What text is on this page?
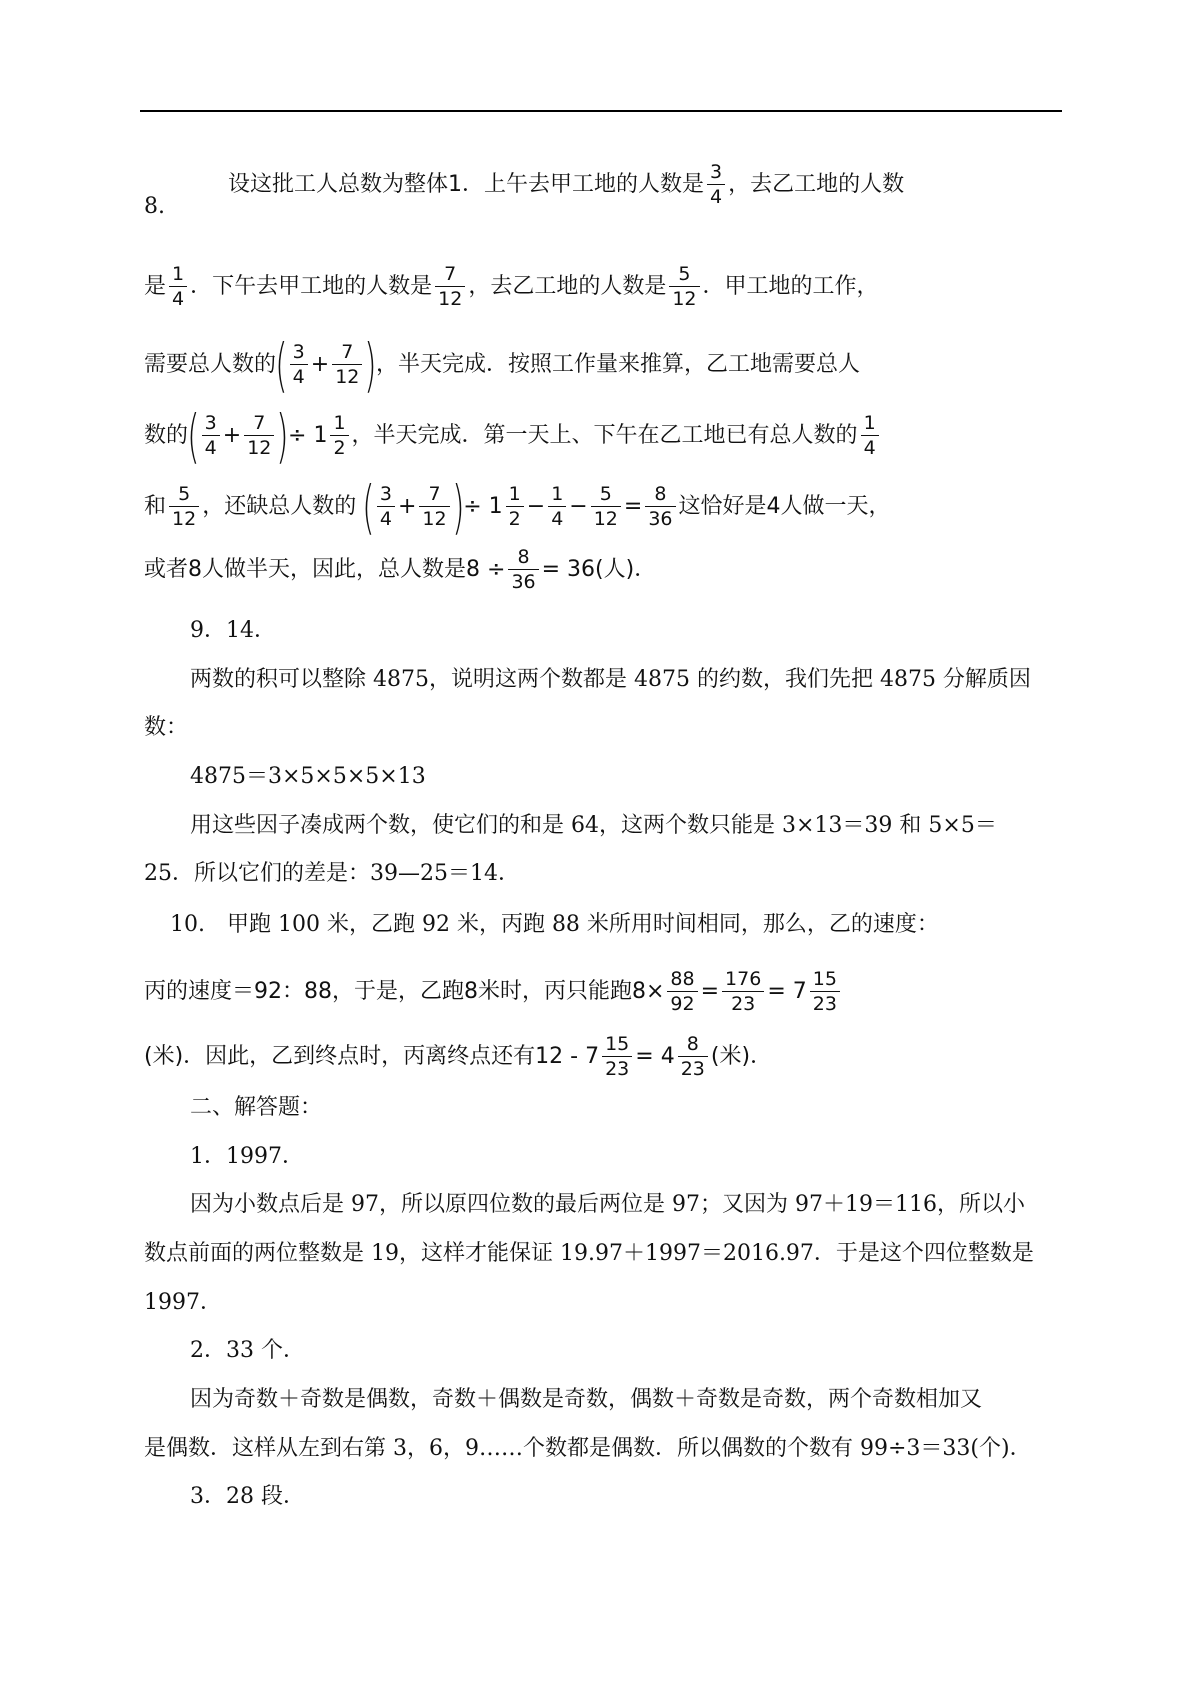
8.
设这批工人总数为整体1．上午去甲工地的人数是 $\frac{3}{4}$ ，去乙工地的人数
是 $\frac{1}{4}$ ．下午去甲工地的人数是 $\frac{7}{12}$ ，去乙工地的人数是 $\frac{5}{12}$ ．甲工地的工作，
需要总人数的( $\frac{3}{4} + \frac{7}{12}$ )，半天完成．按照工作量来推算，乙工地需要总人
数的( $\frac{3}{4} + \frac{7}{12}$ )÷ $1 \frac{1}{2}$ ，半天完成．第一天上、下午在乙工地已有总人数的 $\frac{1}{4}$
和 $\frac{5}{12}$ ，还缺总人数的 ( $\frac{3}{4} + \frac{7}{12}$ )÷ $1 \frac{1}{2} - \frac{1}{4} - \frac{5}{12} = \frac{8}{36}$ 这恰好是4人做一天，
或者8人做半天，因此，总人数是$8 \div \frac{8}{36} = 36$(人)．
9．14．
两数的积可以整除 4875，说明这两个数都是 4875 的约数，我们先把 4875 分解质因
数：
4875＝3×5×5×5×13
用这些因子凑成两个数，使它们的和是 64，这两个数只能是 3×13＝39 和 5×5＝
25．所以它们的差是：39—25＝14．
10.　甲跑 100 米，乙跑 92 米，丙跑 88 米所用时间相同，那么，乙的速度：
丙的速度＝92：88，于是，乙跑8米时，丙只能跑$8\times \frac{88}{92} = \frac{176}{23} = 7 \frac{15}{23}$
(米)．因此，乙到终点时，丙离终点还有$12 - 7 \frac{15}{23} = 4 \frac{8}{23}$ (米)．
二、解答题：
1．1997．
因为小数点后是 97，所以原四位数的最后两位是 97；又因为 97＋19＝116，所以小
数点前面的两位整数是 19，这样才能保证 19.97＋1997＝2016.97．于是这个四位整数是
1997．
2．33 个．
因为奇数＋奇数是偶数，奇数＋偶数是奇数，偶数＋奇数是奇数，两个奇数相加又
是偶数．这样从左到右第 3，6，9……个数都是偶数．所以偶数的个数有 99÷3＝33(个)．
3．28 段．
